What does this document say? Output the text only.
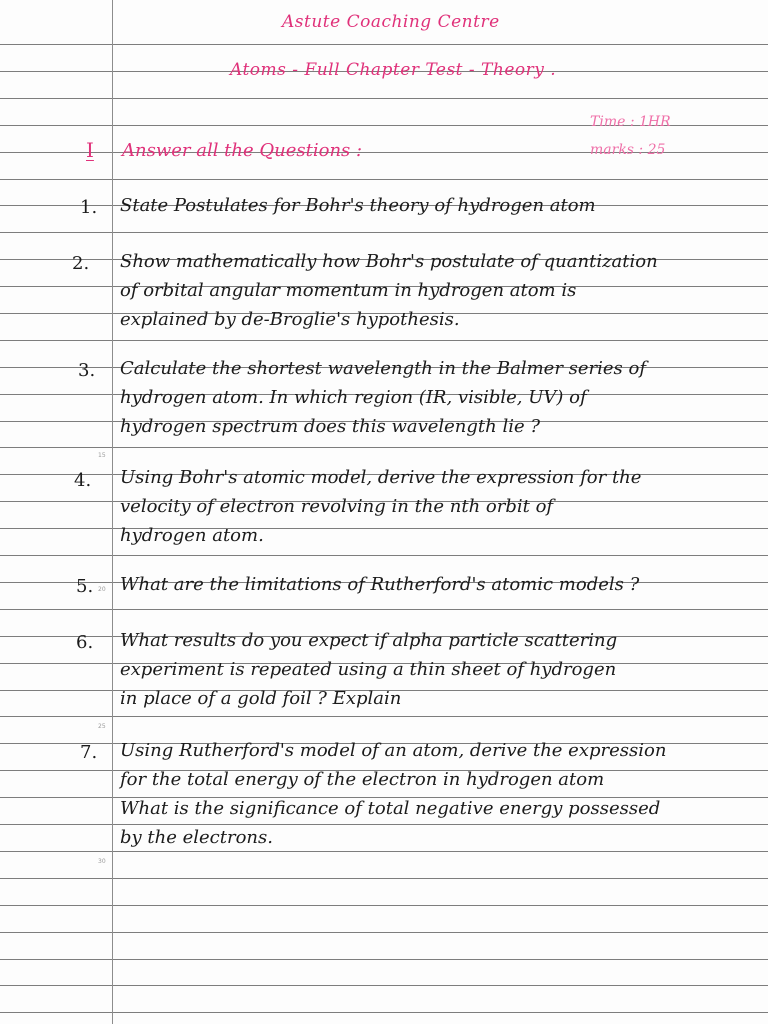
15
20
25
30
Astute Coaching Centre
Atoms - Full Chapter Test - Theory .
Time : 1HR
marks : 25
I Answer all the Questions :
1. State Postulates for Bohr's theory of hydrogen atom
2. Show mathematically how Bohr's postulate of quantization
of orbital angular momentum in hydrogen atom is
explained by de-Broglie's hypothesis.
3. Calculate the shortest wavelength in the Balmer series of
hydrogen atom. In which region (IR, visible, UV) of
hydrogen spectrum does this wavelength lie ?
4. Using Bohr's atomic model, derive the expression for the
velocity of electron revolving in the nth orbit of
hydrogen atom.
5. What are the limitations of Rutherford's atomic models ?
6. What results do you expect if alpha particle scattering
experiment is repeated using a thin sheet of hydrogen
in place of a gold foil ? Explain
7. Using Rutherford's model of an atom, derive the expression
for the total energy of the electron in hydrogen atom
What is the significance of total negative energy possessed
by the electrons.
